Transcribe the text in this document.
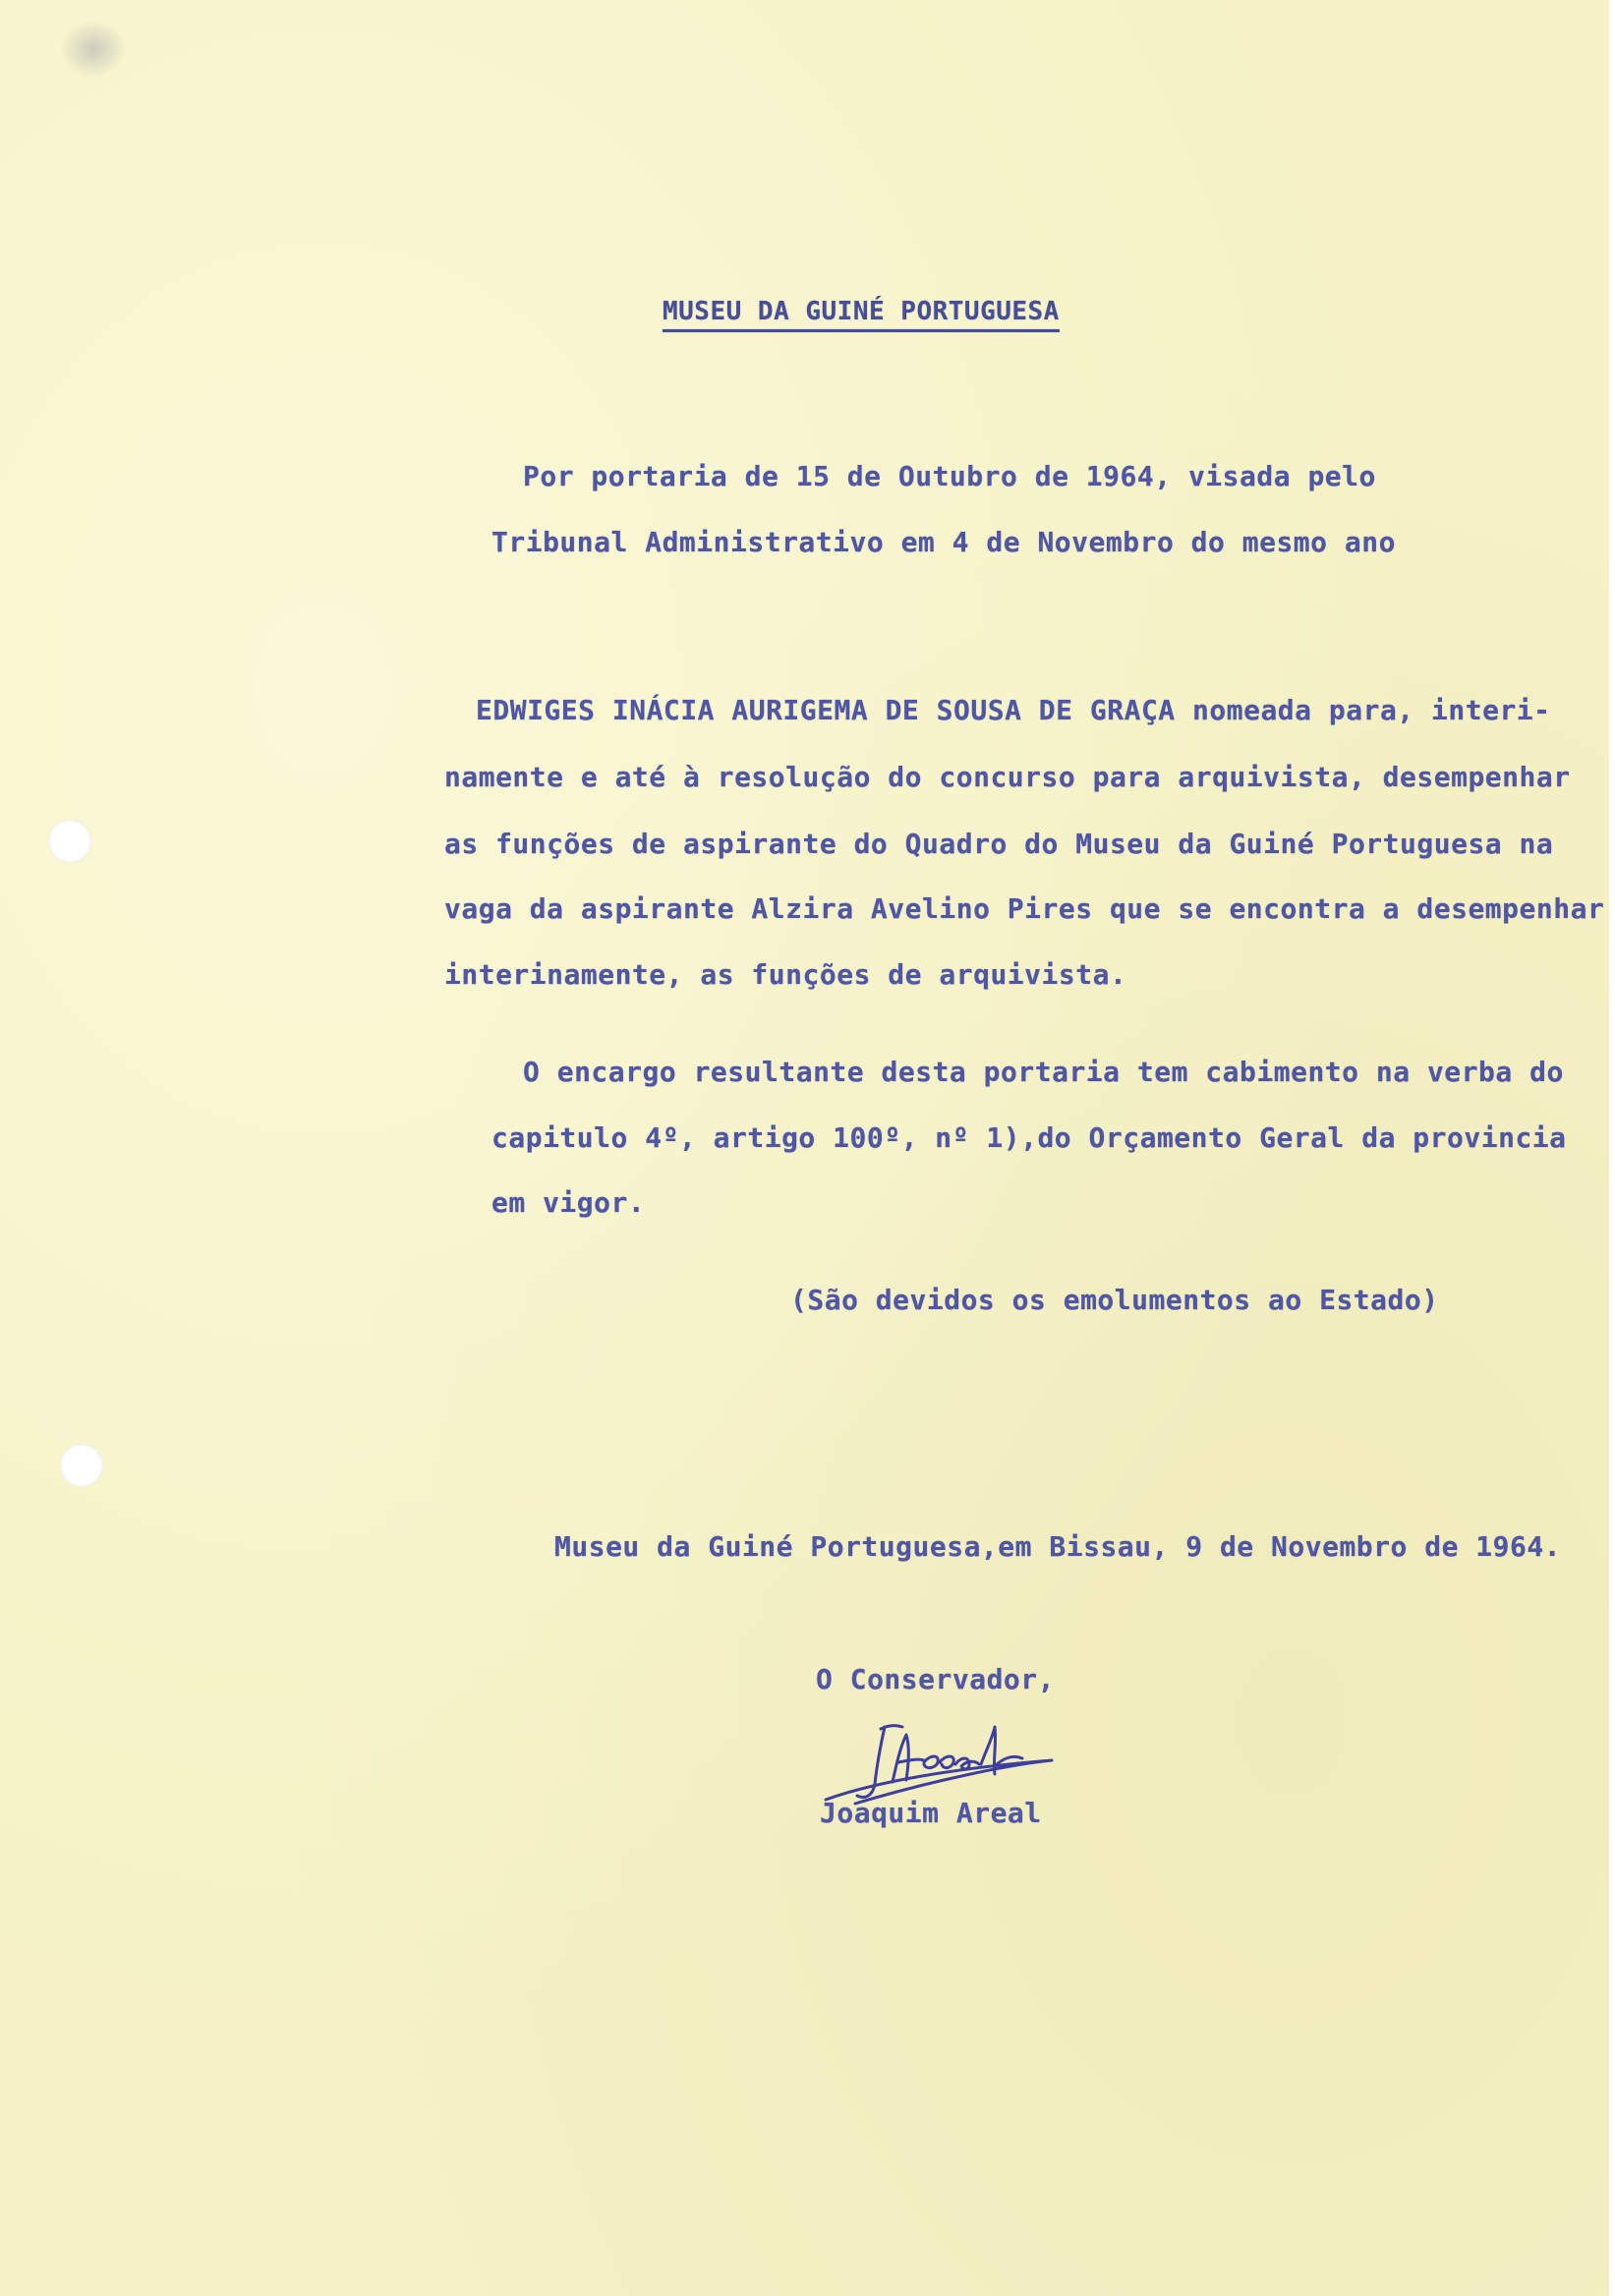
MUSEU DA GUINÉ PORTUGUESA
Por portaria de 15 de Outubro de 1964, visada pelo
Tribunal Administrativo em 4 de Novembro do mesmo ano
EDWIGES INÁCIA AURIGEMA DE SOUSA DE GRAÇA nomeada para, interi-
namente e até à resolução do concurso para arquivista, desempenhar
as funções de aspirante do Quadro do Museu da Guiné Portuguesa na
vaga da aspirante Alzira Avelino Pires que se encontra a desempenhar
interinamente, as funções de arquivista.
O encargo resultante desta portaria tem cabimento na verba do
capitulo 4º, artigo 100º, nº 1),do Orçamento Geral da provincia
em vigor.
(São devidos os emolumentos ao Estado)
Museu da Guiné Portuguesa,em Bissau, 9 de Novembro de 1964.
O Conservador,
Joaquim Areal
